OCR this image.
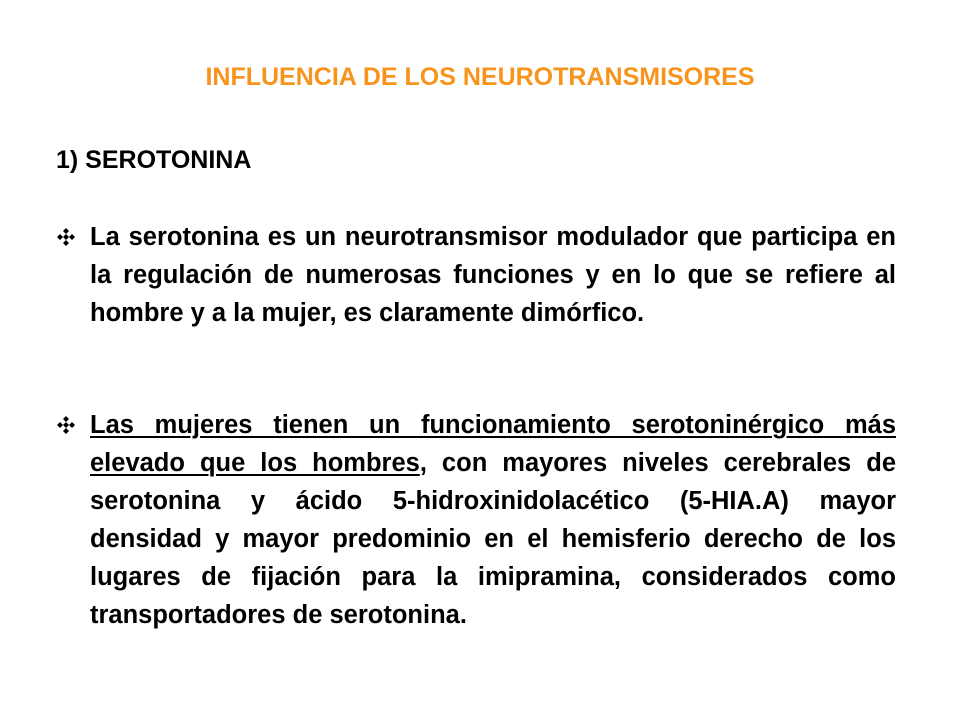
INFLUENCIA DE LOS NEUROTRANSMISORES
1) SEROTONINA
La serotonina es un neurotransmisor modulador que participa en la regulación de numerosas funciones y en lo que se refiere al hombre y a la mujer, es claramente dimórfico.
Las mujeres tienen un funcionamiento serotoninérgico más elevado que los hombres, con mayores niveles cerebrales de serotonina y ácido 5-hidroxinidolacético (5-HIA.A) mayor densidad y mayor predominio en el hemisferio derecho de los lugares de fijación para la imipramina, considerados como transportadores de serotonina.
